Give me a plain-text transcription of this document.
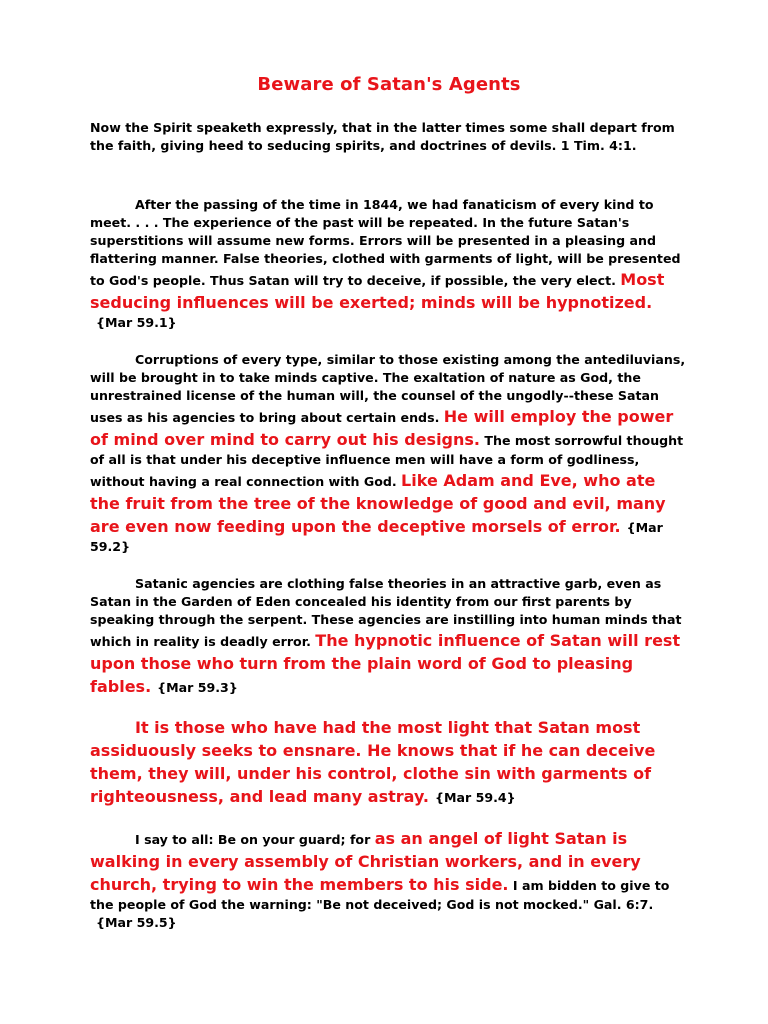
Beware of Satan's Agents

Now the Spirit speaketh expressly, that in the latter times some shall depart from the faith, giving heed to seducing spirits, and doctrines of devils. 1 Tim. 4:1.

After the passing of the time in 1844, we had fanaticism of every kind to meet. . . . The experience of the past will be repeated. In the future Satan's superstitions will assume new forms. Errors will be presented in a pleasing and flattering manner. False theories, clothed with garments of light, will be presented to God's people. Thus Satan will try to deceive, if possible, the very elect. Most seducing influences will be exerted; minds will be hypnotized.{Mar 59.1}

Corruptions of every type, similar to those existing among the antediluvians, will be brought in to take minds captive. The exaltation of nature as God, the unrestrained license of the human will, the counsel of the ungodly--these Satan uses as his agencies to bring about certain ends. He will employ the power of mind over mind to carry out his designs. The most sorrowful thought of all is that under his deceptive influence men will have a form of godliness, without having a real connection with God. Like Adam and Eve, who ate the fruit from the tree of the knowledge of good and evil, many are even now feeding upon the deceptive morsels of error. {Mar 59.2}

Satanic agencies are clothing false theories in an attractive garb, even as Satan in the Garden of Eden concealed his identity from our first parents by speaking through the serpent. These agencies are instilling into human minds that which in reality is deadly error. The hypnotic influence of Satan will rest upon those who turn from the plain word of God to pleasing fables. {Mar 59.3}

It is those who have had the most light that Satan most assiduously seeks to ensnare. He knows that if he can deceive them, they will, under his control, clothe sin with garments of righteousness, and lead many astray. {Mar 59.4}

I say to all: Be on your guard; for as an angel of light Satan is walking in every assembly of Christian workers, and in every church, trying to win the members to his side. I am bidden to give to the people of God the warning: "Be not deceived; God is not mocked." Gal. 6:7.{Mar 59.5}
